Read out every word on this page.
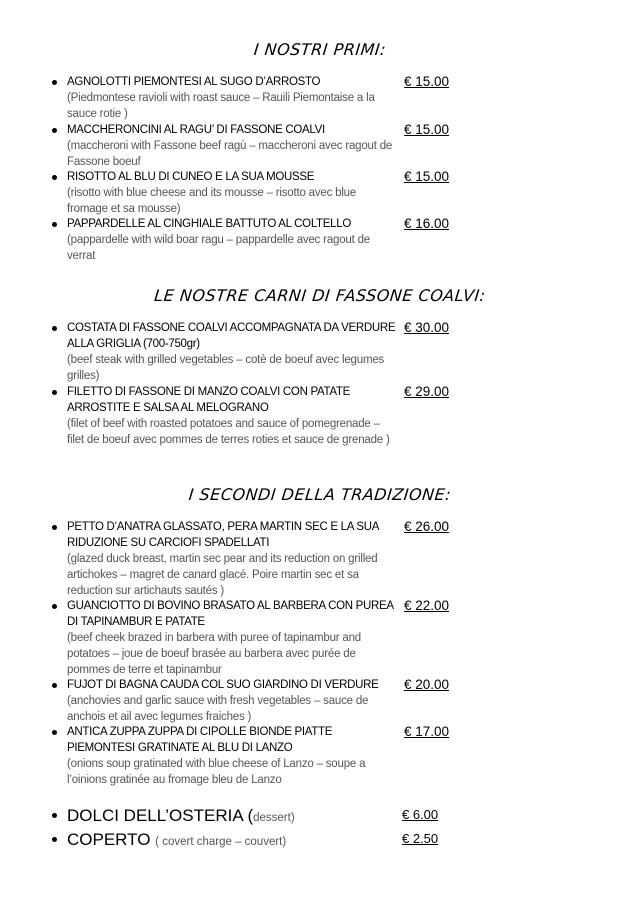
I NOSTRI PRIMI:
AGNOLOTTI PIEMONTESI AL SUGO D’ARROSTO
(Piedmontese ravioli with roast sauce – Rauili Piemontaise a la sauce rotie )
€ 15.00
MACCHERONCINI AL RAGU’ DI FASSONE COALVI
(maccheroni with Fassone beef ragù – maccheroni avec ragout de Fassone boeuf
€ 15.00
RISOTTO AL BLU DI CUNEO E LA SUA MOUSSE
(risotto with blue cheese and its mousse – risotto avec blue fromage et sa mousse)
€ 15.00
PAPPARDELLE AL CINGHIALE BATTUTO AL COLTELLO
(pappardelle with wild boar ragu – pappardelle avec ragout de verrat
€ 16.00
LE NOSTRE CARNI DI FASSONE COALVI:
COSTATA DI FASSONE COALVI ACCOMPAGNATA DA VERDURE ALLA GRIGLIA (700-750gr)
(beef steak with grilled vegetables – cotè de boeuf avec legumes grilles)
€ 30.00
FILETTO DI FASSONE DI MANZO COALVI CON PATATE ARROSTITE E SALSA AL MELOGRANO
(filet of beef with roasted potatoes and sauce of pomegrenade – filet de boeuf avec pommes de terres roties et sauce de grenade )
€ 29.00
I SECONDI DELLA TRADIZIONE:
PETTO D’ANATRA GLASSATO, PERA MARTIN SEC E LA SUA RIDUZIONE SU CARCIOFI SPADELLATI
(glazed duck breast, martin sec pear and its reduction on grilled artichokes – magret de canard glacé. Poire martin sec et sa reduction sur artichauts sautés )
€ 26.00
GUANCIOTTO DI BOVINO BRASATO AL BARBERA CON PUREA DI TAPINAMBUR E PATATE
(beef cheek brazed in barbera with puree of tapinambur and potatoes – joue de boeuf brasée au barbera avec purée de pommes de terre et tapinambur
€ 22.00
FUJOT DI BAGNA CAUDA COL SUO GIARDINO DI VERDURE
(anchovies and garlic sauce with fresh vegetables – sauce de anchois et ail avec legumes fraiches )
€ 20.00
ANTICA ZUPPA ZUPPA DI CIPOLLE BIONDE PIATTE PIEMONTESI GRATINATE AL BLU DI LANZO
(onions soup gratinated with blue cheese of Lanzo – soupe a l’oinions gratinée au fromage bleu de Lanzo
€ 17.00
DOLCI DELL’OSTERIA (dessert)	€ 6.00
COPERTO ( covert charge – couvert)	€ 2.50
